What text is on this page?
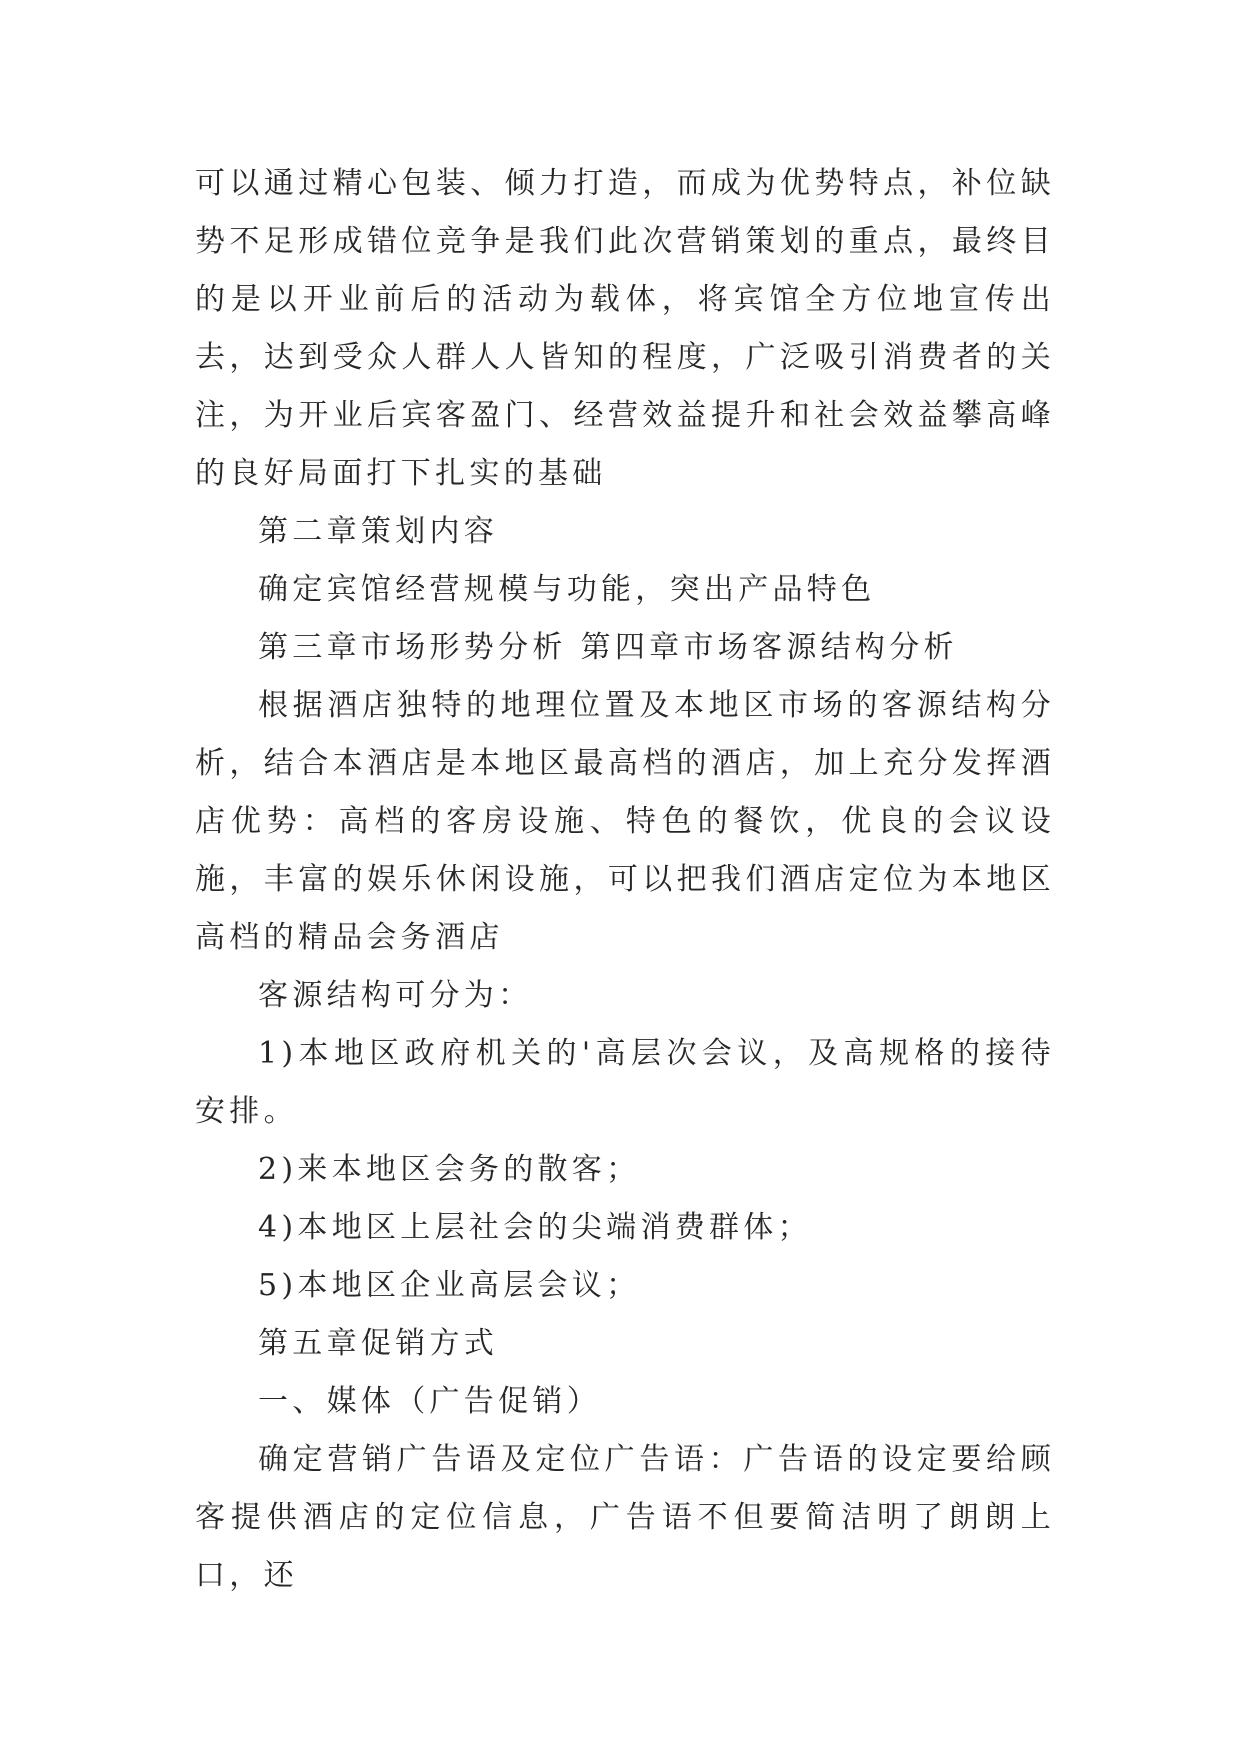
可以通过精心包装、倾力打造，而成为优势特点，补位缺势不足形成错位竞争是我们此次营销策划的重点，最终目的是以开业前后的活动为载体，将宾馆全方位地宣传出去，达到受众人群人人皆知的程度，广泛吸引消费者的关注，为开业后宾客盈门、经营效益提升和社会效益攀高峰的良好局面打下扎实的基础

第二章策划内容

确定宾馆经营规模与功能，突出产品特色

第三章市场形势分析 第四章市场客源结构分析

根据酒店独特的地理位置及本地区市场的客源结构分析，结合本酒店是本地区最高档的酒店，加上充分发挥酒店优势：高档的客房设施、特色的餐饮，优良的会议设施，丰富的娱乐休闲设施，可以把我们酒店定位为本地区高档的精品会务酒店

客源结构可分为：

1)本地区政府机关的'高层次会议，及高规格的接待安排。

2)来本地区会务的散客；

4)本地区上层社会的尖端消费群体；

5)本地区企业高层会议；

第五章促销方式

一、媒体（广告促销）

确定营销广告语及定位广告语：广告语的设定要给顾客提供酒店的定位信息，广告语不但要简洁明了朗朗上口，还
